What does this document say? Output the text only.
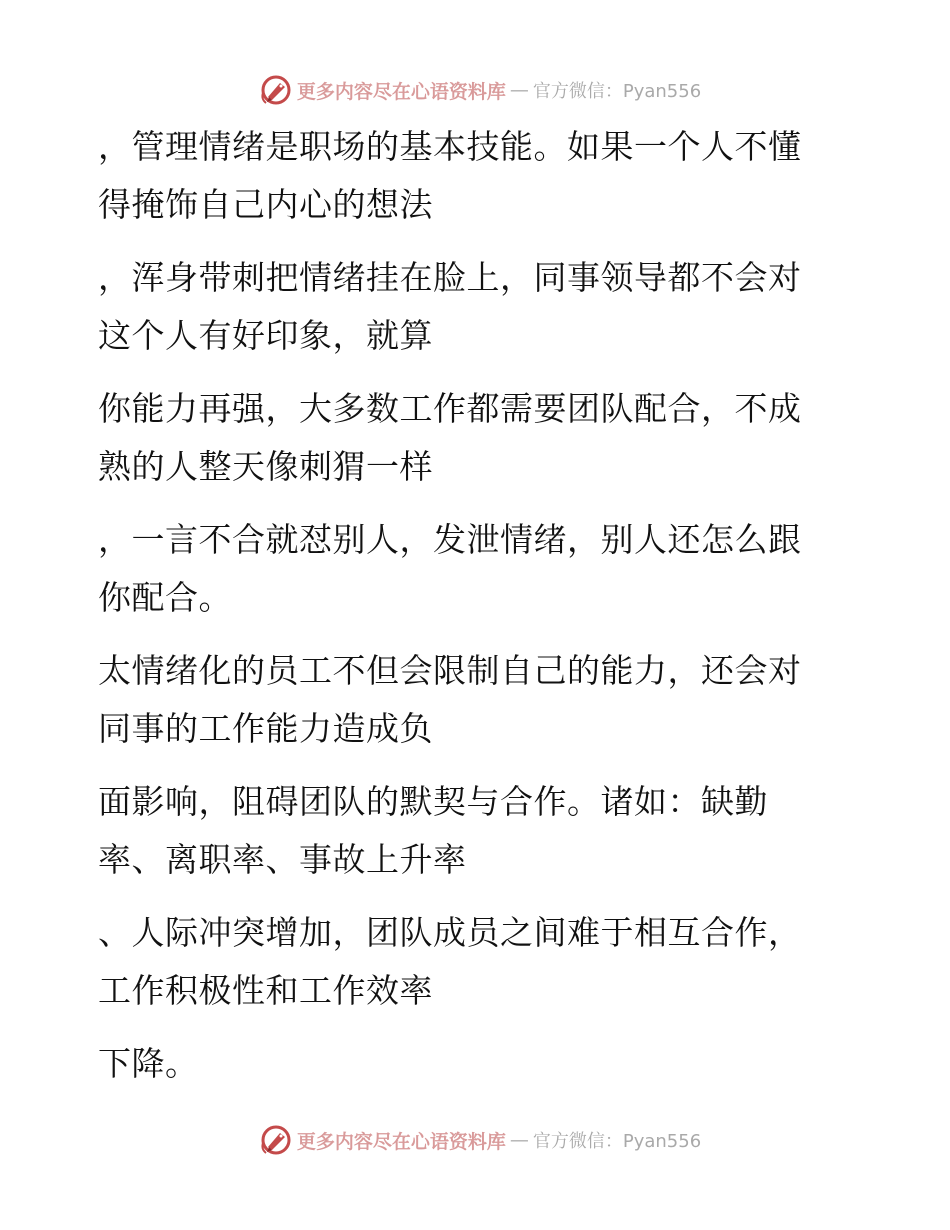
更多内容尽在心语资料库 — 官方微信：Pyan556
，管理情绪是职场的基本技能。如果一个人不懂
得掩饰自己内心的想法
，浑身带刺把情绪挂在脸上，同事领导都不会对
这个人有好印象，就算
你能力再强，大多数工作都需要团队配合，不成
熟的人整天像刺猬一样
，一言不合就怼别人，发泄情绪，别人还怎么跟
你配合。
太情绪化的员工不但会限制自己的能力，还会对
同事的工作能力造成负
面影响，阻碍团队的默契与合作。诸如：缺勤
率、离职率、事故上升率
、人际冲突增加，团队成员之间难于相互合作，
工作积极性和工作效率
下降。
更多内容尽在心语资料库 — 官方微信：Pyan556
